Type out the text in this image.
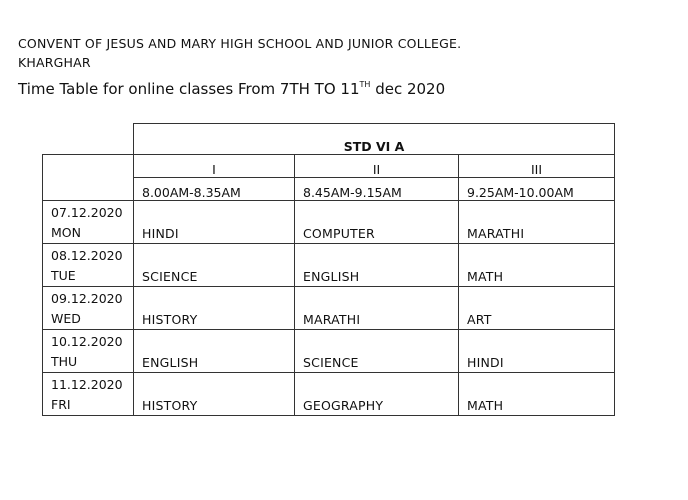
CONVENT OF JESUS AND MARY HIGH SCHOOL AND JUNIOR COLLEGE.
KHARGHAR
Time Table for online classes From 7TH TO 11TH dec 2020
	STD VI A		
	I	II	III
	8.00AM-8.35AM	8.45AM-9.15AM	9.25AM-10.00AM

07.12.2020
MON	HINDI	COMPUTER	MARATHI

08.12.2020
TUE	SCIENCE	ENGLISH	MATH

09.12.2020
WED	HISTORY	MARATHI	ART

10.12.2020
THU	ENGLISH	SCIENCE	HINDI

11.12.2020
FRI	HISTORY	GEOGRAPHY	MATH
